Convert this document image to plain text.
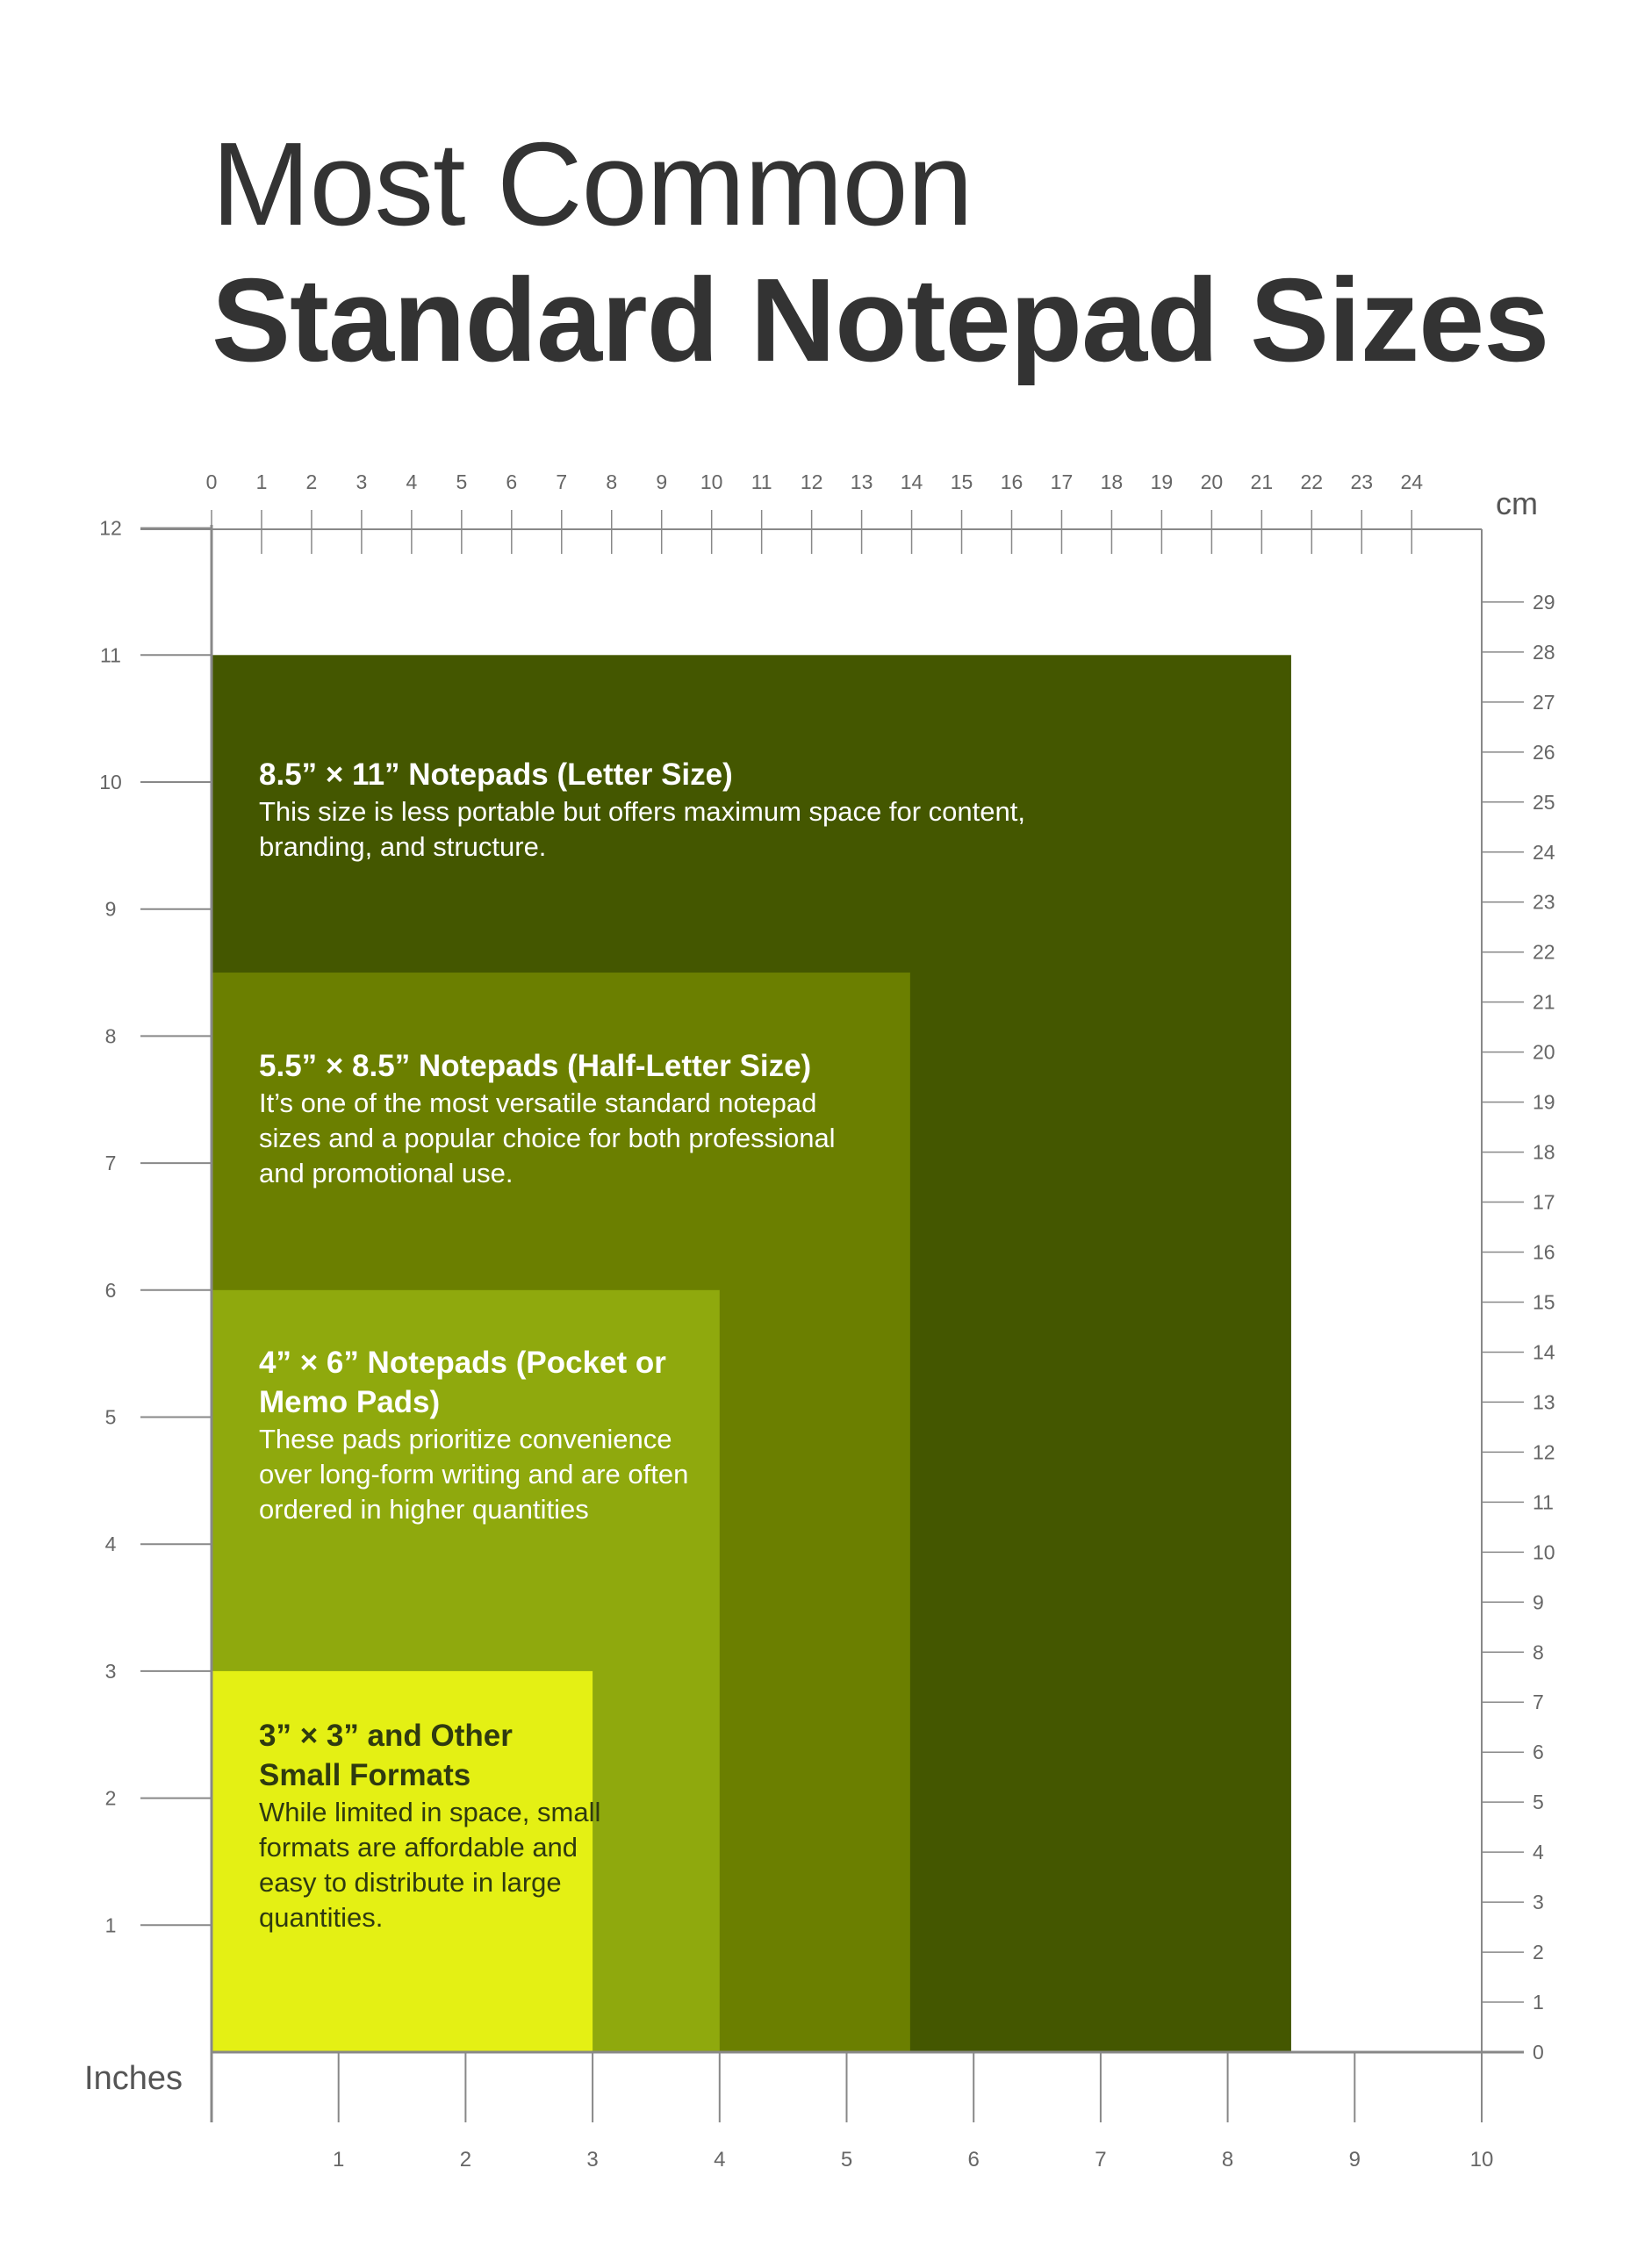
Most Common
Standard Notepad Sizes
1	2	3	4	5	6	7	8	9	10
Inches
1
2
3
4
5
6
7
8
9
10
11
12
0 1 2 3 4 5 6 7 8 9 10 11 12 13 14 15 16 17 18 19 20 21 22 23 24
cm
0
1
2
3
4
5
6
7
8
9
10
11
12
13
14
15
16
17
18
19
20
21
22
23
24
25
26
27
28
29
8.5” × 11” Notepads (Letter Size)
This size is less portable but offers maximum space for content, branding, and structure.
5.5” × 8.5” Notepads (Half-Letter Size)
It’s one of the most versatile standard notepad sizes and a popular choice for both professional and promotional use.
4” × 6” Notepads (Pocket or Memo Pads)
These pads prioritize convenience over long-form writing and are often ordered in higher quantities
3” × 3” and Other Small Formats
While limited in space, small formats are affordable and easy to distribute in large quantities.
